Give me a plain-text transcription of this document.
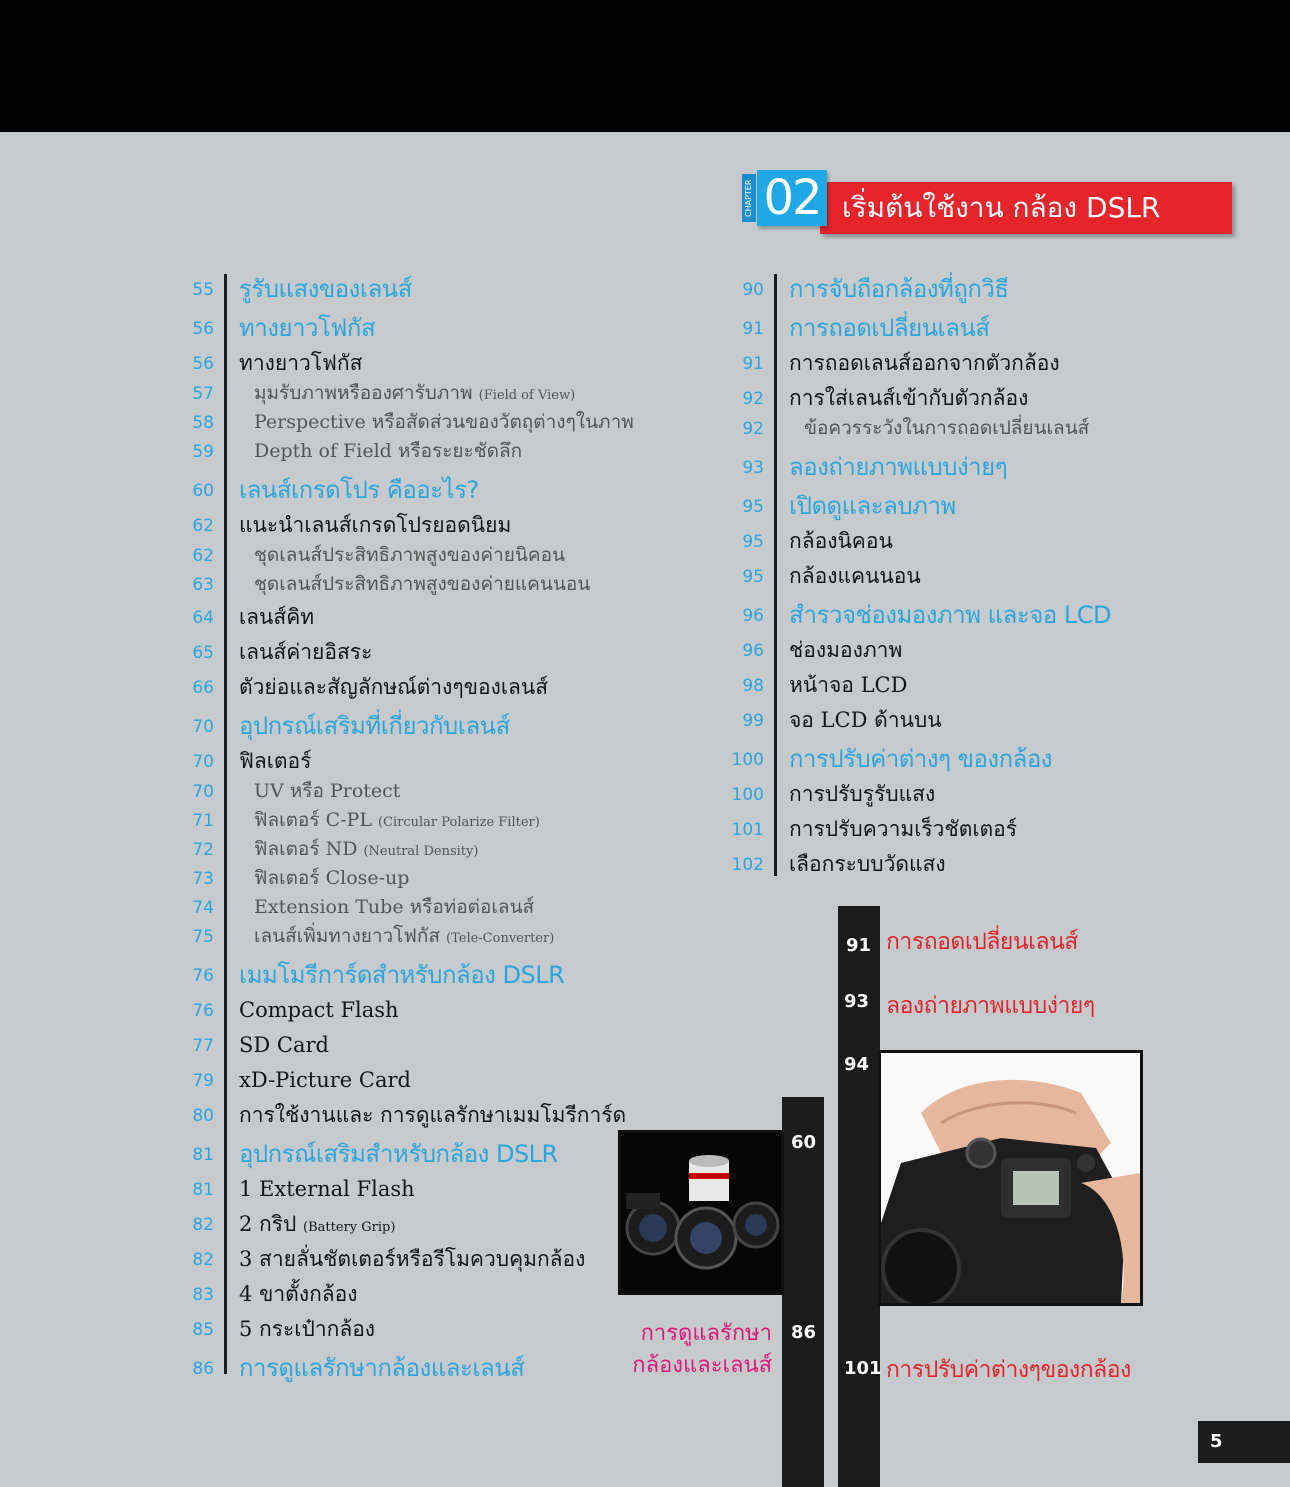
เริ่มต้นใช้งาน กล้อง DSLR
02
CHAPTER
55 รูรับแสงของเลนส์
56 ทางยาวโฟกัส
56 ทางยาวโฟกัส
57 มุมรับภาพหรือองศารับภาพ (Field of View)
58 Perspective หรือสัดส่วนของวัตถุต่างๆในภาพ
59 Depth of Field หรือระยะชัดลึก
60 เลนส์เกรดโปร คืออะไร?
62 แนะนำเลนส์เกรดโปรยอดนิยม
62 ชุดเลนส์ประสิทธิภาพสูงของค่ายนิคอน
63 ชุดเลนส์ประสิทธิภาพสูงของค่ายแคนนอน
64 เลนส์คิท
65 เลนส์ค่ายอิสระ
66 ตัวย่อและสัญลักษณ์ต่างๆของเลนส์
70 อุปกรณ์เสริมที่เกี่ยวกับเลนส์
70 ฟิลเตอร์
70 UV หรือ Protect
71 ฟิลเตอร์ C-PL (Circular Polarize Filter)
72 ฟิลเตอร์ ND (Neutral Density)
73 ฟิลเตอร์ Close-up
74 Extension Tube หรือท่อต่อเลนส์
75 เลนส์เพิ่มทางยาวโฟกัส (Tele-Converter)
76 เมมโมรีการ์ดสำหรับกล้อง DSLR
76 Compact Flash
77 SD Card
79 xD-Picture Card
80 การใช้งานและ การดูแลรักษาเมมโมรีการ์ด
81 อุปกรณ์เสริมสำหรับกล้อง DSLR
81 1 External Flash
82 2 กริป (Battery Grip)
82 3 สายลั่นชัตเตอร์หรือรีโมควบคุมกล้อง
83 4 ขาตั้งกล้อง
85 5 กระเป๋ากล้อง
86 การดูแลรักษากล้องและเลนส์
90 การจับถือกล้องที่ถูกวิธี
91 การถอดเปลี่ยนเลนส์
91 การถอดเลนส์ออกจากตัวกล้อง
92 การใส่เลนส์เข้ากับตัวกล้อง
92 ข้อควรระวังในการถอดเปลี่ยนเลนส์
93 ลองถ่ายภาพแบบง่ายๆ
95 เปิดดูและลบภาพ
95 กล้องนิคอน
95 กล้องแคนนอน
96 สำรวจช่องมองภาพ และจอ LCD
96 ช่องมองภาพ
98 หน้าจอ LCD
99 จอ LCD ด้านบน
100 การปรับค่าต่างๆ ของกล้อง
100 การปรับรูรับแสง
101 การปรับความเร็วชัตเตอร์
102 เลือกระบบวัดแสง
91 การถอดเปลี่ยนเลนส์
93 ลองถ่ายภาพแบบง่ายๆ
94
60
การดูแลรักษา
กล้องและเลนส์
86
101 การปรับค่าต่างๆของกล้อง
5
